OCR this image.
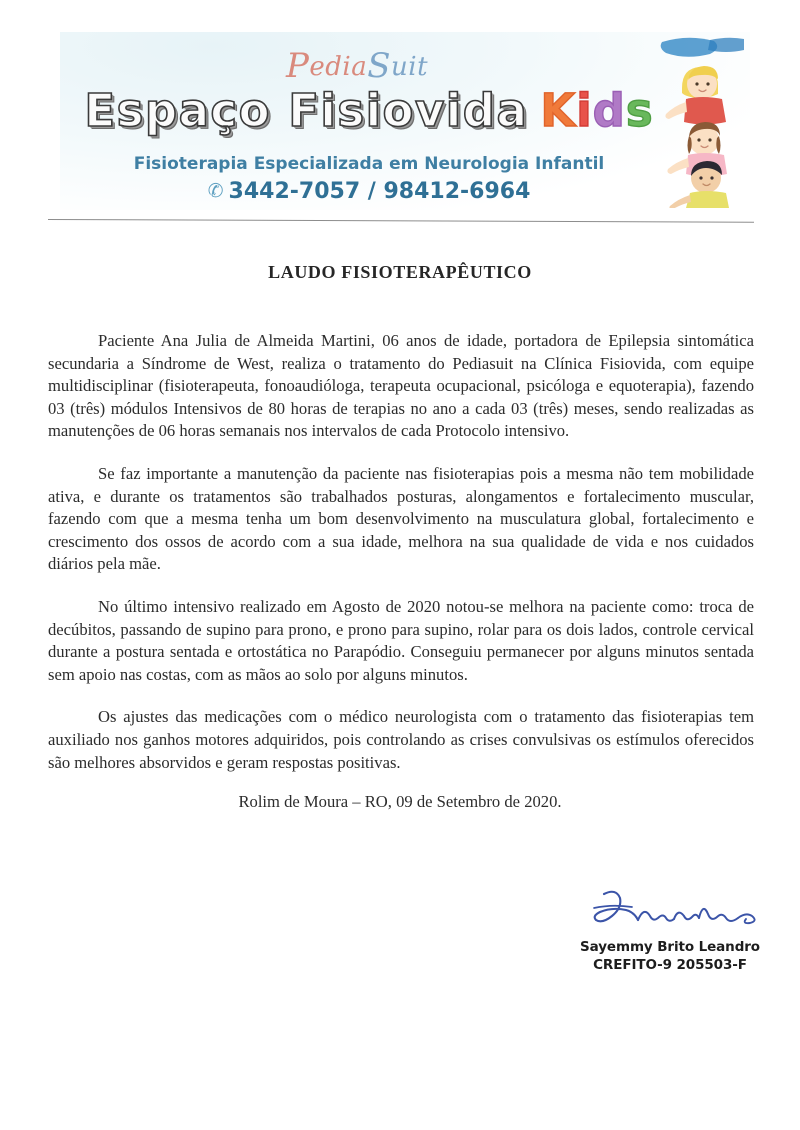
PediaSuit
Espaço Fisiovida Kids
Fisioterapia Especializada em Neurologia Infantil
✆ 3442-7057 / 98412-6964
LAUDO FISIOTERAPÊUTICO

Paciente Ana Julia de Almeida Martini, 06 anos de idade, portadora de Epilepsia sintomática secundaria a Síndrome de West, realiza o tratamento do Pediasuit na Clínica Fisiovida, com equipe multidisciplinar (fisioterapeuta, fonoaudióloga, terapeuta ocupacional, psicóloga e equoterapia), fazendo 03 (três) módulos Intensivos de 80 horas de terapias no ano a cada 03 (três) meses, sendo realizadas as manutenções de 06 horas semanais nos intervalos de cada Protocolo intensivo.

Se faz importante a manutenção da paciente nas fisioterapias pois a mesma não tem mobilidade ativa, e durante os tratamentos são trabalhados posturas, alongamentos e fortalecimento muscular, fazendo com que a mesma tenha um bom desenvolvimento na musculatura global, fortalecimento e crescimento dos ossos de acordo com a sua idade, melhora na sua qualidade de vida e nos cuidados diários pela mãe.

No último intensivo realizado em Agosto de 2020 notou-se melhora na paciente como: troca de decúbitos, passando de supino para prono, e prono para supino, rolar para os dois lados, controle cervical durante a postura sentada e ortostática no Parapódio. Conseguiu permanecer por alguns minutos sentada sem apoio nas costas, com as mãos ao solo por alguns minutos.

Os ajustes das medicações com o médico neurologista com o tratamento das fisioterapias tem auxiliado nos ganhos motores adquiridos, pois controlando as crises convulsivas os estímulos oferecidos são melhores absorvidos e geram respostas positivas.

Rolim de Moura – RO, 09 de Setembro de 2020.
Sayemmy Brito Leandro
CREFITO-9 205503-F
